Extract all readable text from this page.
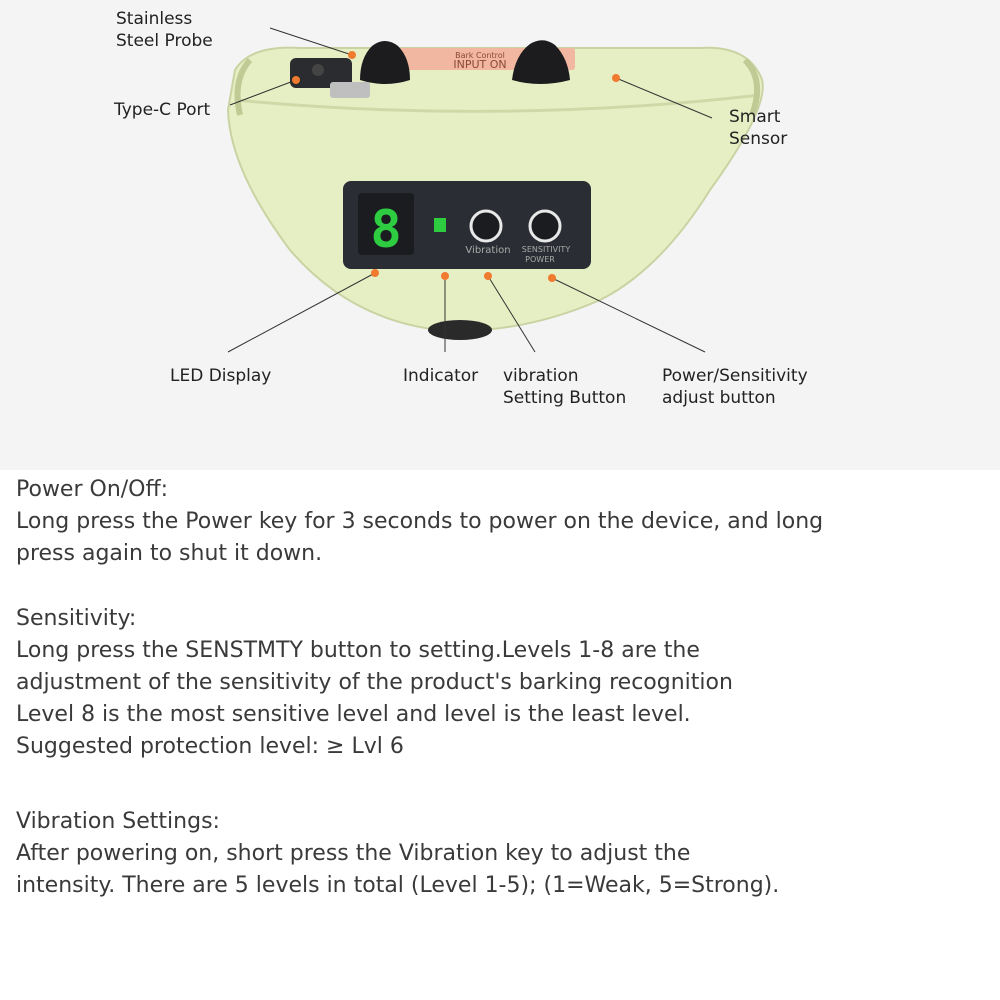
Bark Control
INPUT ON
8	Vibration SENSITIVITY
POWER
Stainless
Steel Probe
Type-C Port	Smart
Sensor
LED Display	Indicator vibration
Setting Button
Power/Sensitivity
adjust button
Power On/Off:
Long press the Power key for 3 seconds to power on the device, and long
press again to shut it down.
Sensitivity:
Long press the SENSTMTY button to setting.Levels 1-8 are the
adjustment of the sensitivity of the product's barking recognition
Level 8 is the most sensitive level and level is the least level.
Suggested protection level: ≥ Lvl 6
Vibration Settings:
After powering on, short press the Vibration key to adjust the
intensity. There are 5 levels in total (Level 1-5); (1=Weak, 5=Strong).
